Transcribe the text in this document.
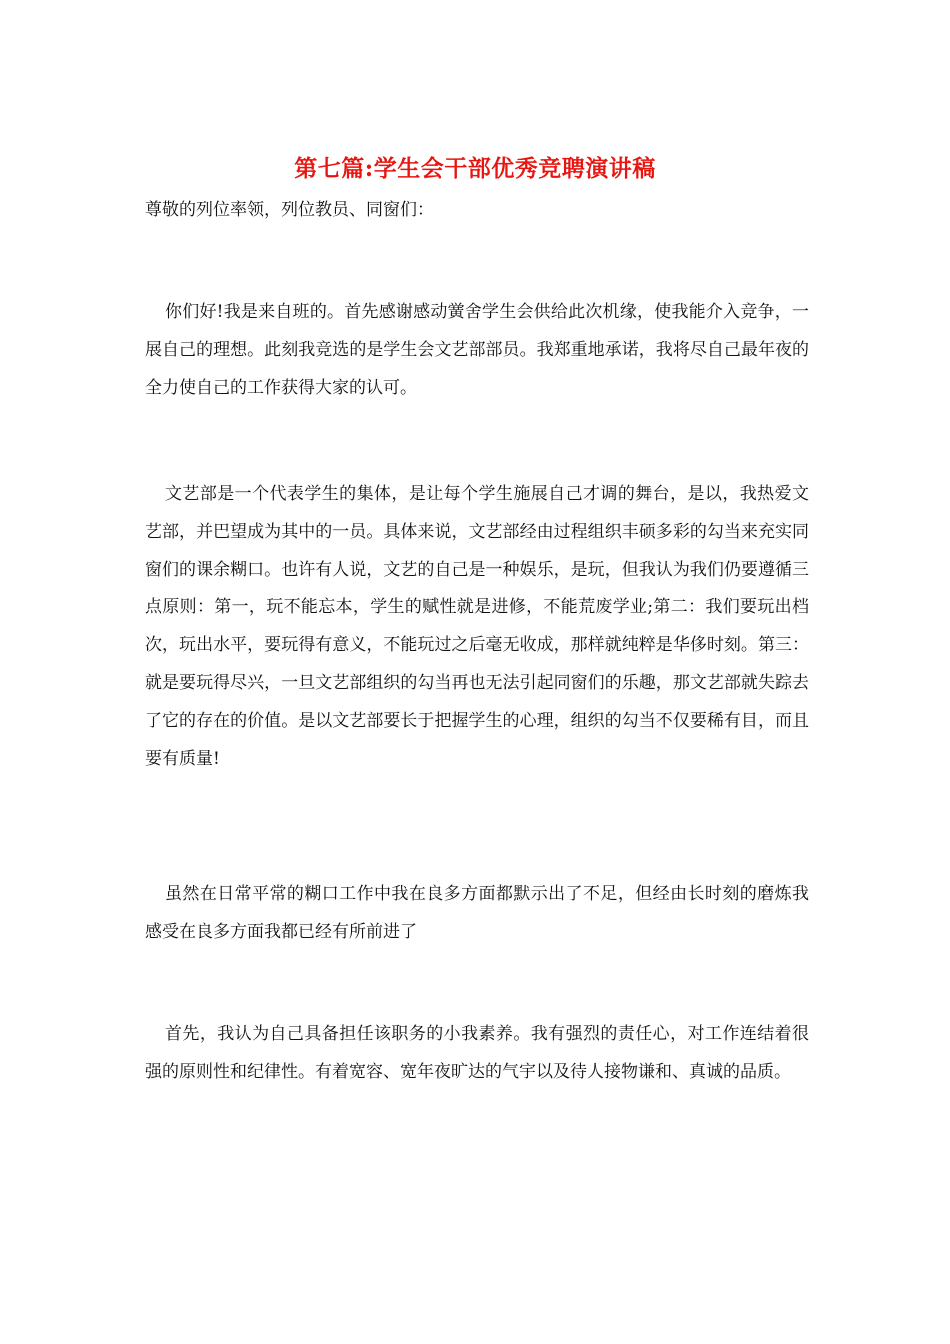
第七篇:学生会干部优秀竞聘演讲稿

尊敬的列位率领，列位教员、同窗们：

你们好!我是来自班的。首先感谢感动黉舍学生会供给此次机缘，使我能介入竞争，一展自己的理想。此刻我竞选的是学生会文艺部部员。我郑重地承诺，我将尽自己最年夜的全力使自己的工作获得大家的认可。

文艺部是一个代表学生的集体，是让每个学生施展自己才调的舞台，是以，我热爱文艺部，并巴望成为其中的一员。具体来说，文艺部经由过程组织丰硕多彩的勾当来充实同窗们的课余糊口。也许有人说，文艺的自己是一种娱乐，是玩，但我认为我们仍要遵循三点原则：第一，玩不能忘本，学生的赋性就是进修，不能荒废学业;第二：我们要玩出档次，玩出水平，要玩得有意义，不能玩过之后毫无收成，那样就纯粹是华侈时刻。第三：就是要玩得尽兴，一旦文艺部组织的勾当再也无法引起同窗们的乐趣，那文艺部就失踪去了它的存在的价值。是以文艺部要长于把握学生的心理，组织的勾当不仅要稀有目，而且要有质量!

虽然在日常平常的糊口工作中我在良多方面都默示出了不足，但经由长时刻的磨炼我感受在良多方面我都已经有所前进了

首先，我认为自己具备担任该职务的小我素养。我有强烈的责任心，对工作连结着很强的原则性和纪律性。有着宽容、宽年夜旷达的气宇以及待人接物谦和、真诚的品质。
